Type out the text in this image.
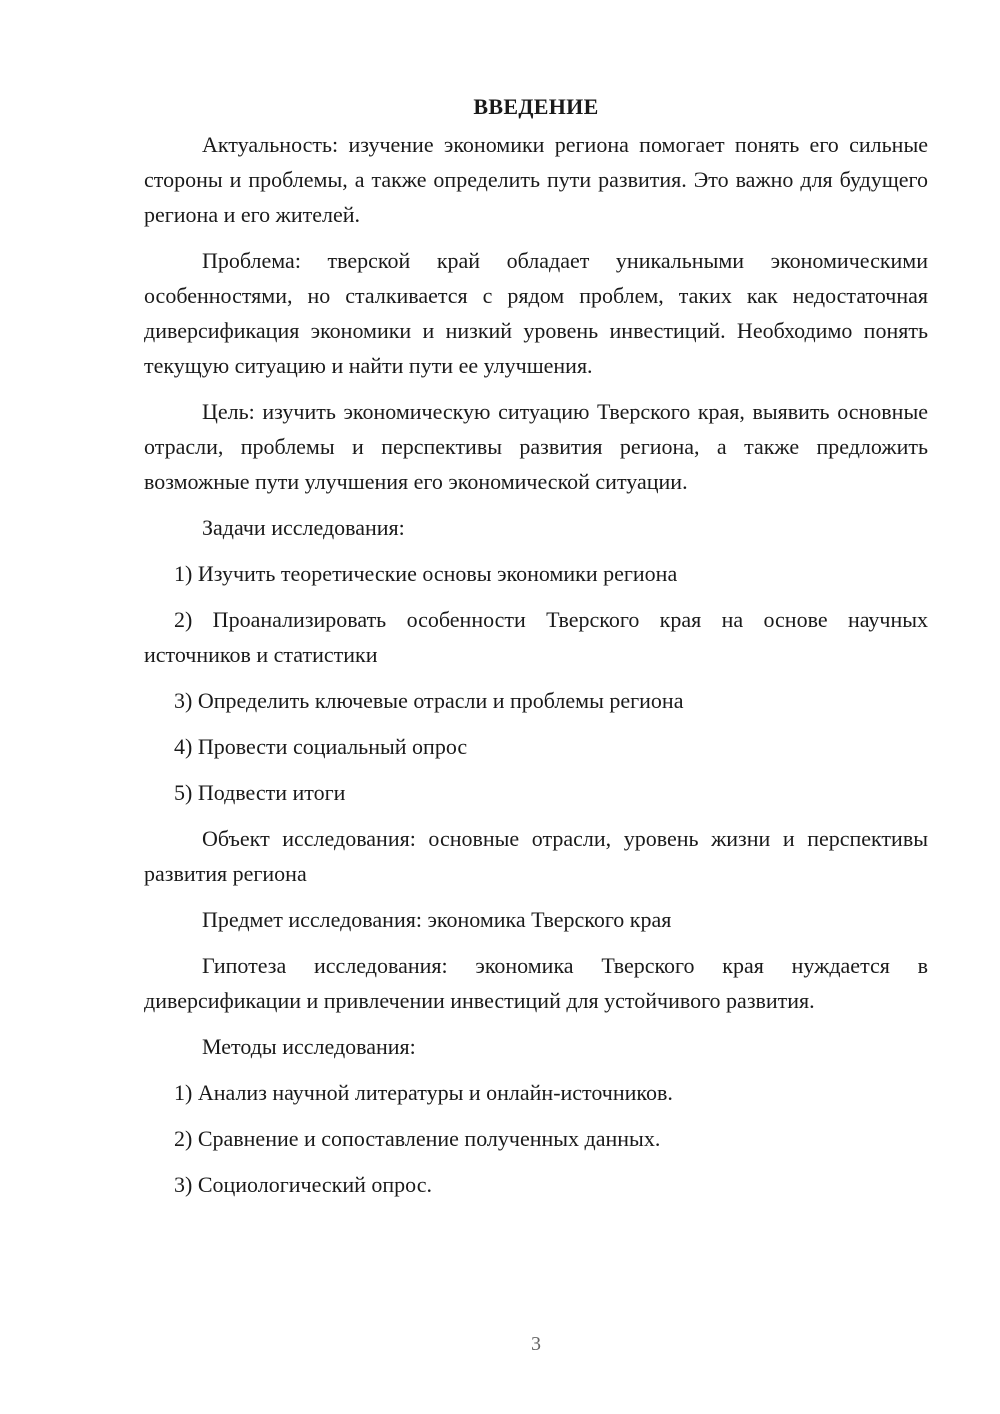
ВВЕДЕНИЕ

Актуальность: изучение экономики региона помогает понять его сильные стороны и проблемы, а также определить пути развития. Это важно для будущего региона и его жителей.

Проблема: тверской край обладает уникальными экономическими особенностями, но сталкивается с рядом проблем, таких как недостаточная диверсификация экономики и низкий уровень инвестиций. Необходимо понять текущую ситуацию и найти пути ее улучшения.

Цель: изучить экономическую ситуацию Тверского края, выявить основные отрасли, проблемы и перспективы развития региона, а также предложить возможные пути улучшения его экономической ситуации.

Задачи исследования:

1) Изучить теоретические основы экономики региона

2) Проанализировать особенности Тверского края на основе научных источников и статистики

3) Определить ключевые отрасли и проблемы региона

4) Провести социальный опрос

5) Подвести итоги

Объект исследования: основные отрасли, уровень жизни и перспективы развития региона

Предмет исследования: экономика Тверского края

Гипотеза исследования: экономика Тверского края нуждается в диверсификации и привлечении инвестиций для устойчивого развития.

Методы исследования:

1) Анализ научной литературы и онлайн-источников.

2) Сравнение и сопоставление полученных данных.

3) Социологический опрос.

3
